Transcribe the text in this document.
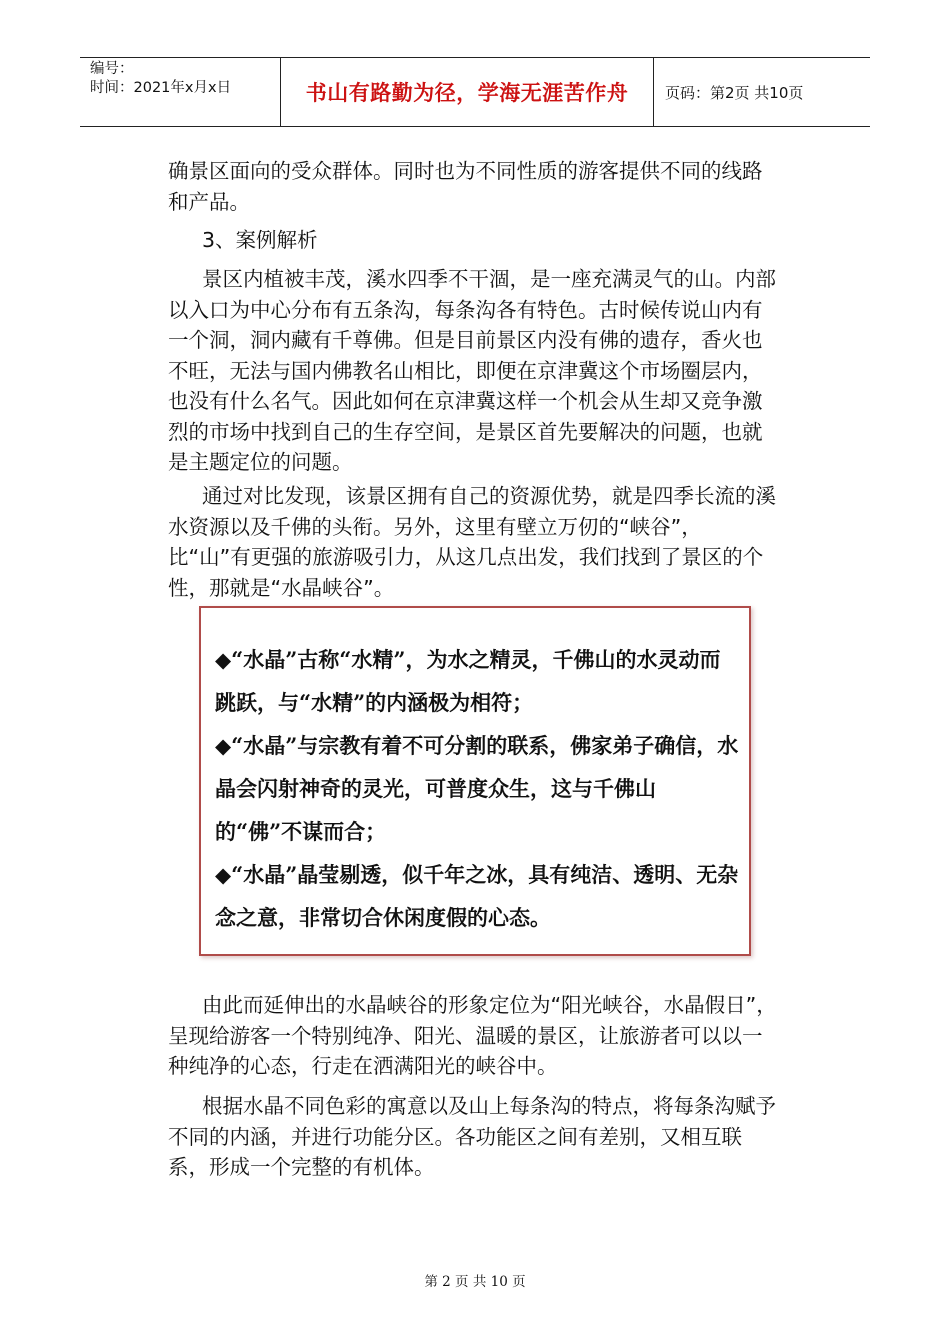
编号：
时间：2021年x月x日	书山有路勤为径，学海无涯苦作舟 页码：第2页 共10页

确景区面向的受众群体。同时也为不同性质的游客提供不同的线路和产品。

3、案例解析

景区内植被丰茂，溪水四季不干涸，是一座充满灵气的山。内部以入口为中心分布有五条沟，每条沟各有特色。古时候传说山内有一个洞，洞内藏有千尊佛。但是目前景区内没有佛的遗存，香火也不旺，无法与国内佛教名山相比，即便在京津冀这个市场圈层内，也没有什么名气。因此如何在京津冀这样一个机会从生却又竞争激烈的市场中找到自己的生存空间，是景区首先要解决的问题，也就是主题定位的问题。

通过对比发现，该景区拥有自己的资源优势，就是四季长流的溪水资源以及千佛的头衔。另外，这里有壁立万仞的“峡谷”，比“山”有更强的旅游吸引力，从这几点出发，我们找到了景区的个性，那就是“水晶峡谷”。

◆“水晶”古称“水精”，为水之精灵，千佛山的水灵动而跳跃，与“水精”的内涵极为相符；

◆“水晶”与宗教有着不可分割的联系，佛家弟子确信，水晶会闪射神奇的灵光，可普度众生，这与千佛山的“佛”不谋而合；

◆“水晶”晶莹剔透，似千年之冰，具有纯洁、透明、无杂念之意，非常切合休闲度假的心态。

由此而延伸出的水晶峡谷的形象定位为“阳光峡谷，水晶假日”，呈现给游客一个特别纯净、阳光、温暖的景区，让旅游者可以以一种纯净的心态，行走在洒满阳光的峡谷中。

根据水晶不同色彩的寓意以及山上每条沟的特点，将每条沟赋予不同的内涵，并进行功能分区。各功能区之间有差别，又相互联系，形成一个完整的有机体。

第 2 页 共 10 页
